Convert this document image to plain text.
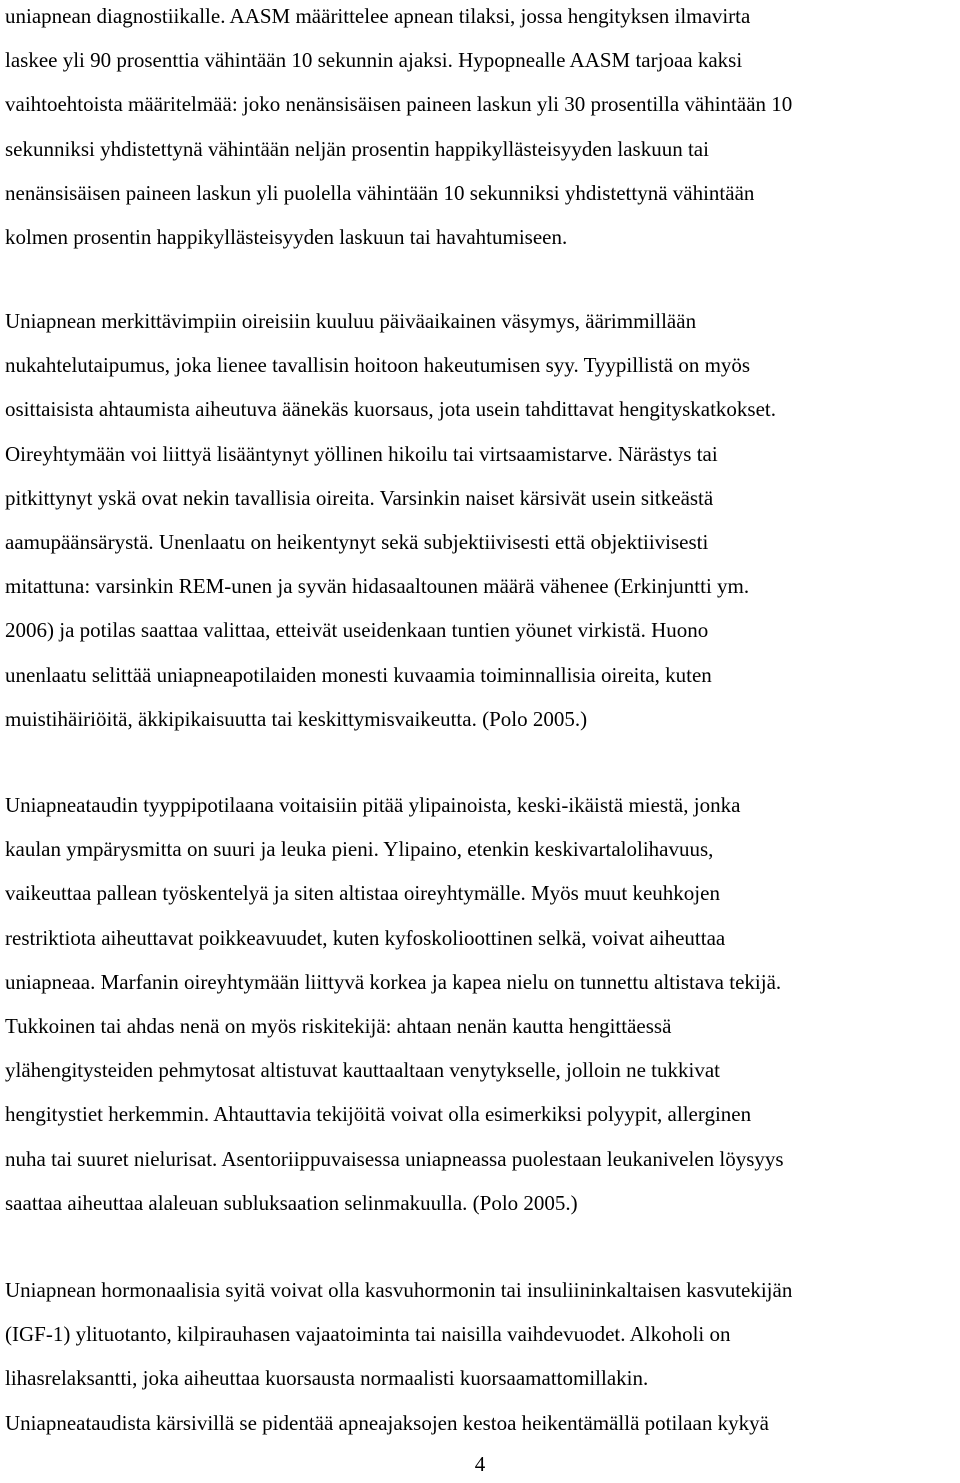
uniapnean diagnostiikalle. AASM määrittelee apnean tilaksi, jossa hengityksen ilmavirta
laskee yli 90 prosenttia vähintään 10 sekunnin ajaksi. Hypopnealle AASM tarjoaa kaksi
vaihtoehtoista määritelmää: joko nenänsisäisen paineen laskun yli 30 prosentilla vähintään 10
sekunniksi yhdistettynä vähintään neljän prosentin happikyllästeisyyden laskuun tai
nenänsisäisen paineen laskun yli puolella vähintään 10 sekunniksi yhdistettynä vähintään
kolmen prosentin happikyllästeisyyden laskuun tai havahtumiseen.
Uniapnean merkittävimpiin oireisiin kuuluu päiväaikainen väsymys, äärimmillään
nukahtelutaipumus, joka lienee tavallisin hoitoon hakeutumisen syy. Tyypillistä on myös
osittaisista ahtaumista aiheutuva äänekäs kuorsaus, jota usein tahdittavat hengityskatkokset.
Oireyhtymään voi liittyä lisääntynyt yöllinen hikoilu tai virtsaamistarve. Närästys tai
pitkittynyt yskä ovat nekin tavallisia oireita. Varsinkin naiset kärsivät usein sitkeästä
aamupäänsärystä. Unenlaatu on heikentynyt sekä subjektiivisesti että objektiivisesti
mitattuna: varsinkin REM-unen ja syvän hidasaaltounen määrä vähenee (Erkinjuntti ym.
2006) ja potilas saattaa valittaa, etteivät useidenkaan tuntien yöunet virkistä. Huono
unenlaatu selittää uniapneapotilaiden monesti kuvaamia toiminnallisia oireita, kuten
muistihäiriöitä, äkkipikaisuutta tai keskittymisvaikeutta. (Polo 2005.)
Uniapneataudin tyyppipotilaana voitaisiin pitää ylipainoista, keski-ikäistä miestä, jonka
kaulan ympärysmitta on suuri ja leuka pieni. Ylipaino, etenkin keskivartalolihavuus,
vaikeuttaa pallean työskentelyä ja siten altistaa oireyhtymälle. Myös muut keuhkojen
restriktiota aiheuttavat poikkeavuudet, kuten kyfoskolioottinen selkä, voivat aiheuttaa
uniapneaa. Marfanin oireyhtymään liittyvä korkea ja kapea nielu on tunnettu altistava tekijä.
Tukkoinen tai ahdas nenä on myös riskitekijä: ahtaan nenän kautta hengittäessä
ylähengitysteiden pehmytosat altistuvat kauttaaltaan venytykselle, jolloin ne tukkivat
hengitystiet herkemmin. Ahtauttavia tekijöitä voivat olla esimerkiksi polyypit, allerginen
nuha tai suuret nielurisat. Asentoriippuvaisessa uniapneassa puolestaan leukanivelen löysyys
saattaa aiheuttaa alaleuan subluksaation selinmakuulla. (Polo 2005.)
Uniapnean hormonaalisia syitä voivat olla kasvuhormonin tai insuliininkaltaisen kasvutekijän
(IGF-1) ylituotanto, kilpirauhasen vajaatoiminta tai naisilla vaihdevuodet. Alkoholi on
lihasrelaksantti, joka aiheuttaa kuorsausta normaalisti kuorsaamattomillakin.
Uniapneataudista kärsivillä se pidentää apneajaksojen kestoa heikentämällä potilaan kykyä
4
